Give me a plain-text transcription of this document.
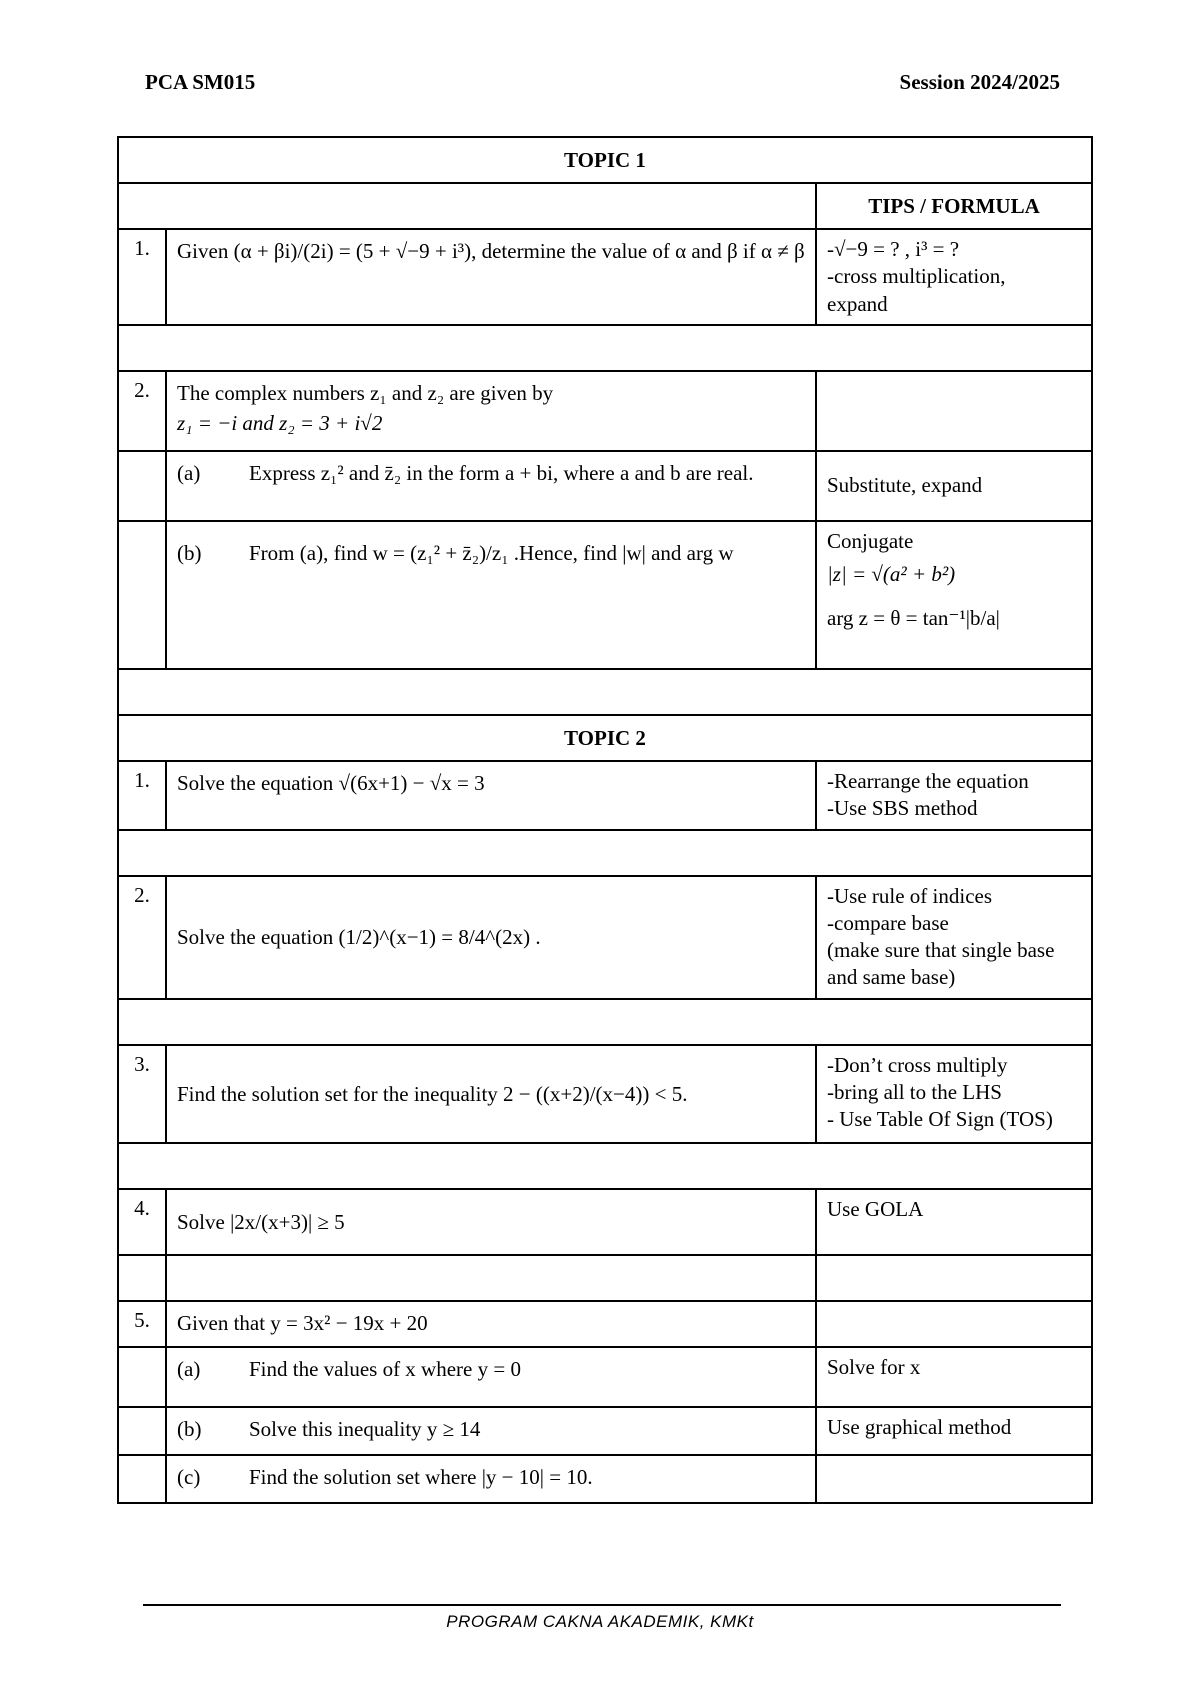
PCA SM015	Session 2024/2025
TOPIC 1		
		TIPS / FORMULA
1.	Given (α + βi)/(2i) = (5 + √−9 + i³), determine the value of α and β if α ≠ β	-√−9 = ? , i³ = ?
-cross multiplication,
expand

2.	The complex numbers z₁ and z₂ are given by
z₁ = −i and z₂ = 3 + i√2	

	(a) Express z₁² and z̄₂ in the form a + bi, where a and b are real.	Substitute, expand

	(b) From (a), find w = (z₁² + z̄₂)/z₁ .Hence, find |w| and arg w	Conjugate
|z| = √(a² + b²)
arg z = θ = tan⁻¹|b/a|

TOPIC 2		
1.	Solve the equation √(6x+1) − √x = 3	-Rearrange the equation
-Use SBS method

2.	Solve the equation (1/2)^(x−1) = 8/4^(2x) .	-Use rule of indices
-compare base
(make sure that single base
and same base)

3.	Find the solution set for the inequality 2 − ((x+2)/(x−4)) < 5.	-Don’t cross multiply
-bring all to the LHS
- Use Table Of Sign (TOS)

4.	Solve |2x/(x+3)| ≥ 5	Use GOLA

5.	Given that y = 3x² − 19x + 20	

	(a) Find the values of x where y = 0	Solve for x

	(b) Solve this inequality y ≥ 14	Use graphical method

	(c) Find the solution set where |y − 10| = 10.	

PROGRAM CAKNA AKADEMIK, KMKt
